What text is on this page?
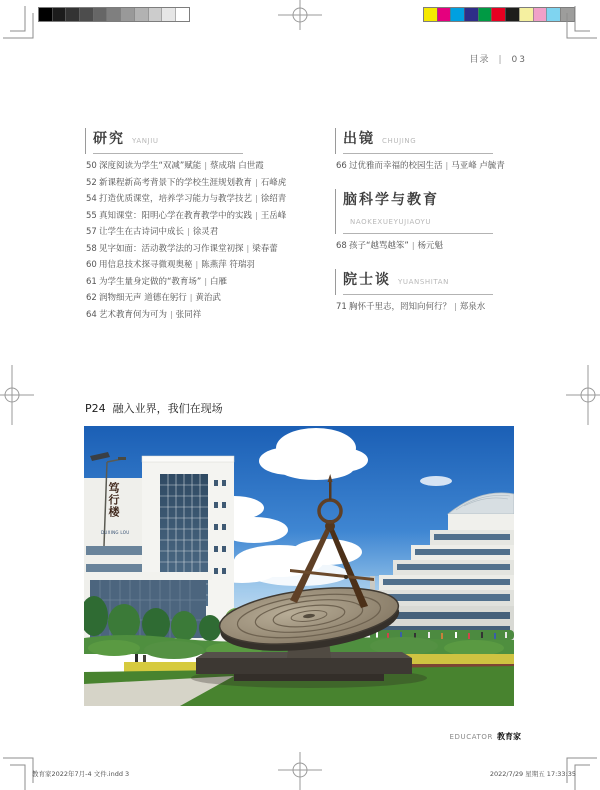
目录 | 03
研究 YANJIU
50 深度阅读为学生“双减”赋能 | 蔡成瑞 白世霞
52 新课程新高考背景下的学校生涯规划教育 | 石峰虎
54 打造优质课堂，培养学习能力与教学技艺 | 徐绍青
55 真知课堂：阳明心学在教育教学中的实践 | 王岳峰
57 让学生在古诗词中成长 | 徐灵君
58 见字如面：活动教学法的习作课堂初探 | 梁春蕾
60 用信息技术探寻微观奥秘 | 陈燕萍 符瑞羽
61 为学生量身定做的“教育场” | 白雁
62 润物细无声 道德在躬行 | 黄治武
64 艺术教育何为可为 | 张同祥
出镜 CHUJING
66 过优雅而幸福的校园生活 | 马亚峰 卢毓青
脑科学与教育NAOKEXUEYUJIAOYU
68 孩子“越骂越笨” | 杨元魁
院士谈 YUANSHITAN
71 胸怀千里志，罔知向何行？ | 郑泉水
P24 融入业界，我们在现场
笃行楼
DUXING LOU
EDUCATOR 教育家
教育家2022年7月-4 文件.indd 3	2022/7/29 星期五 17:33:35
